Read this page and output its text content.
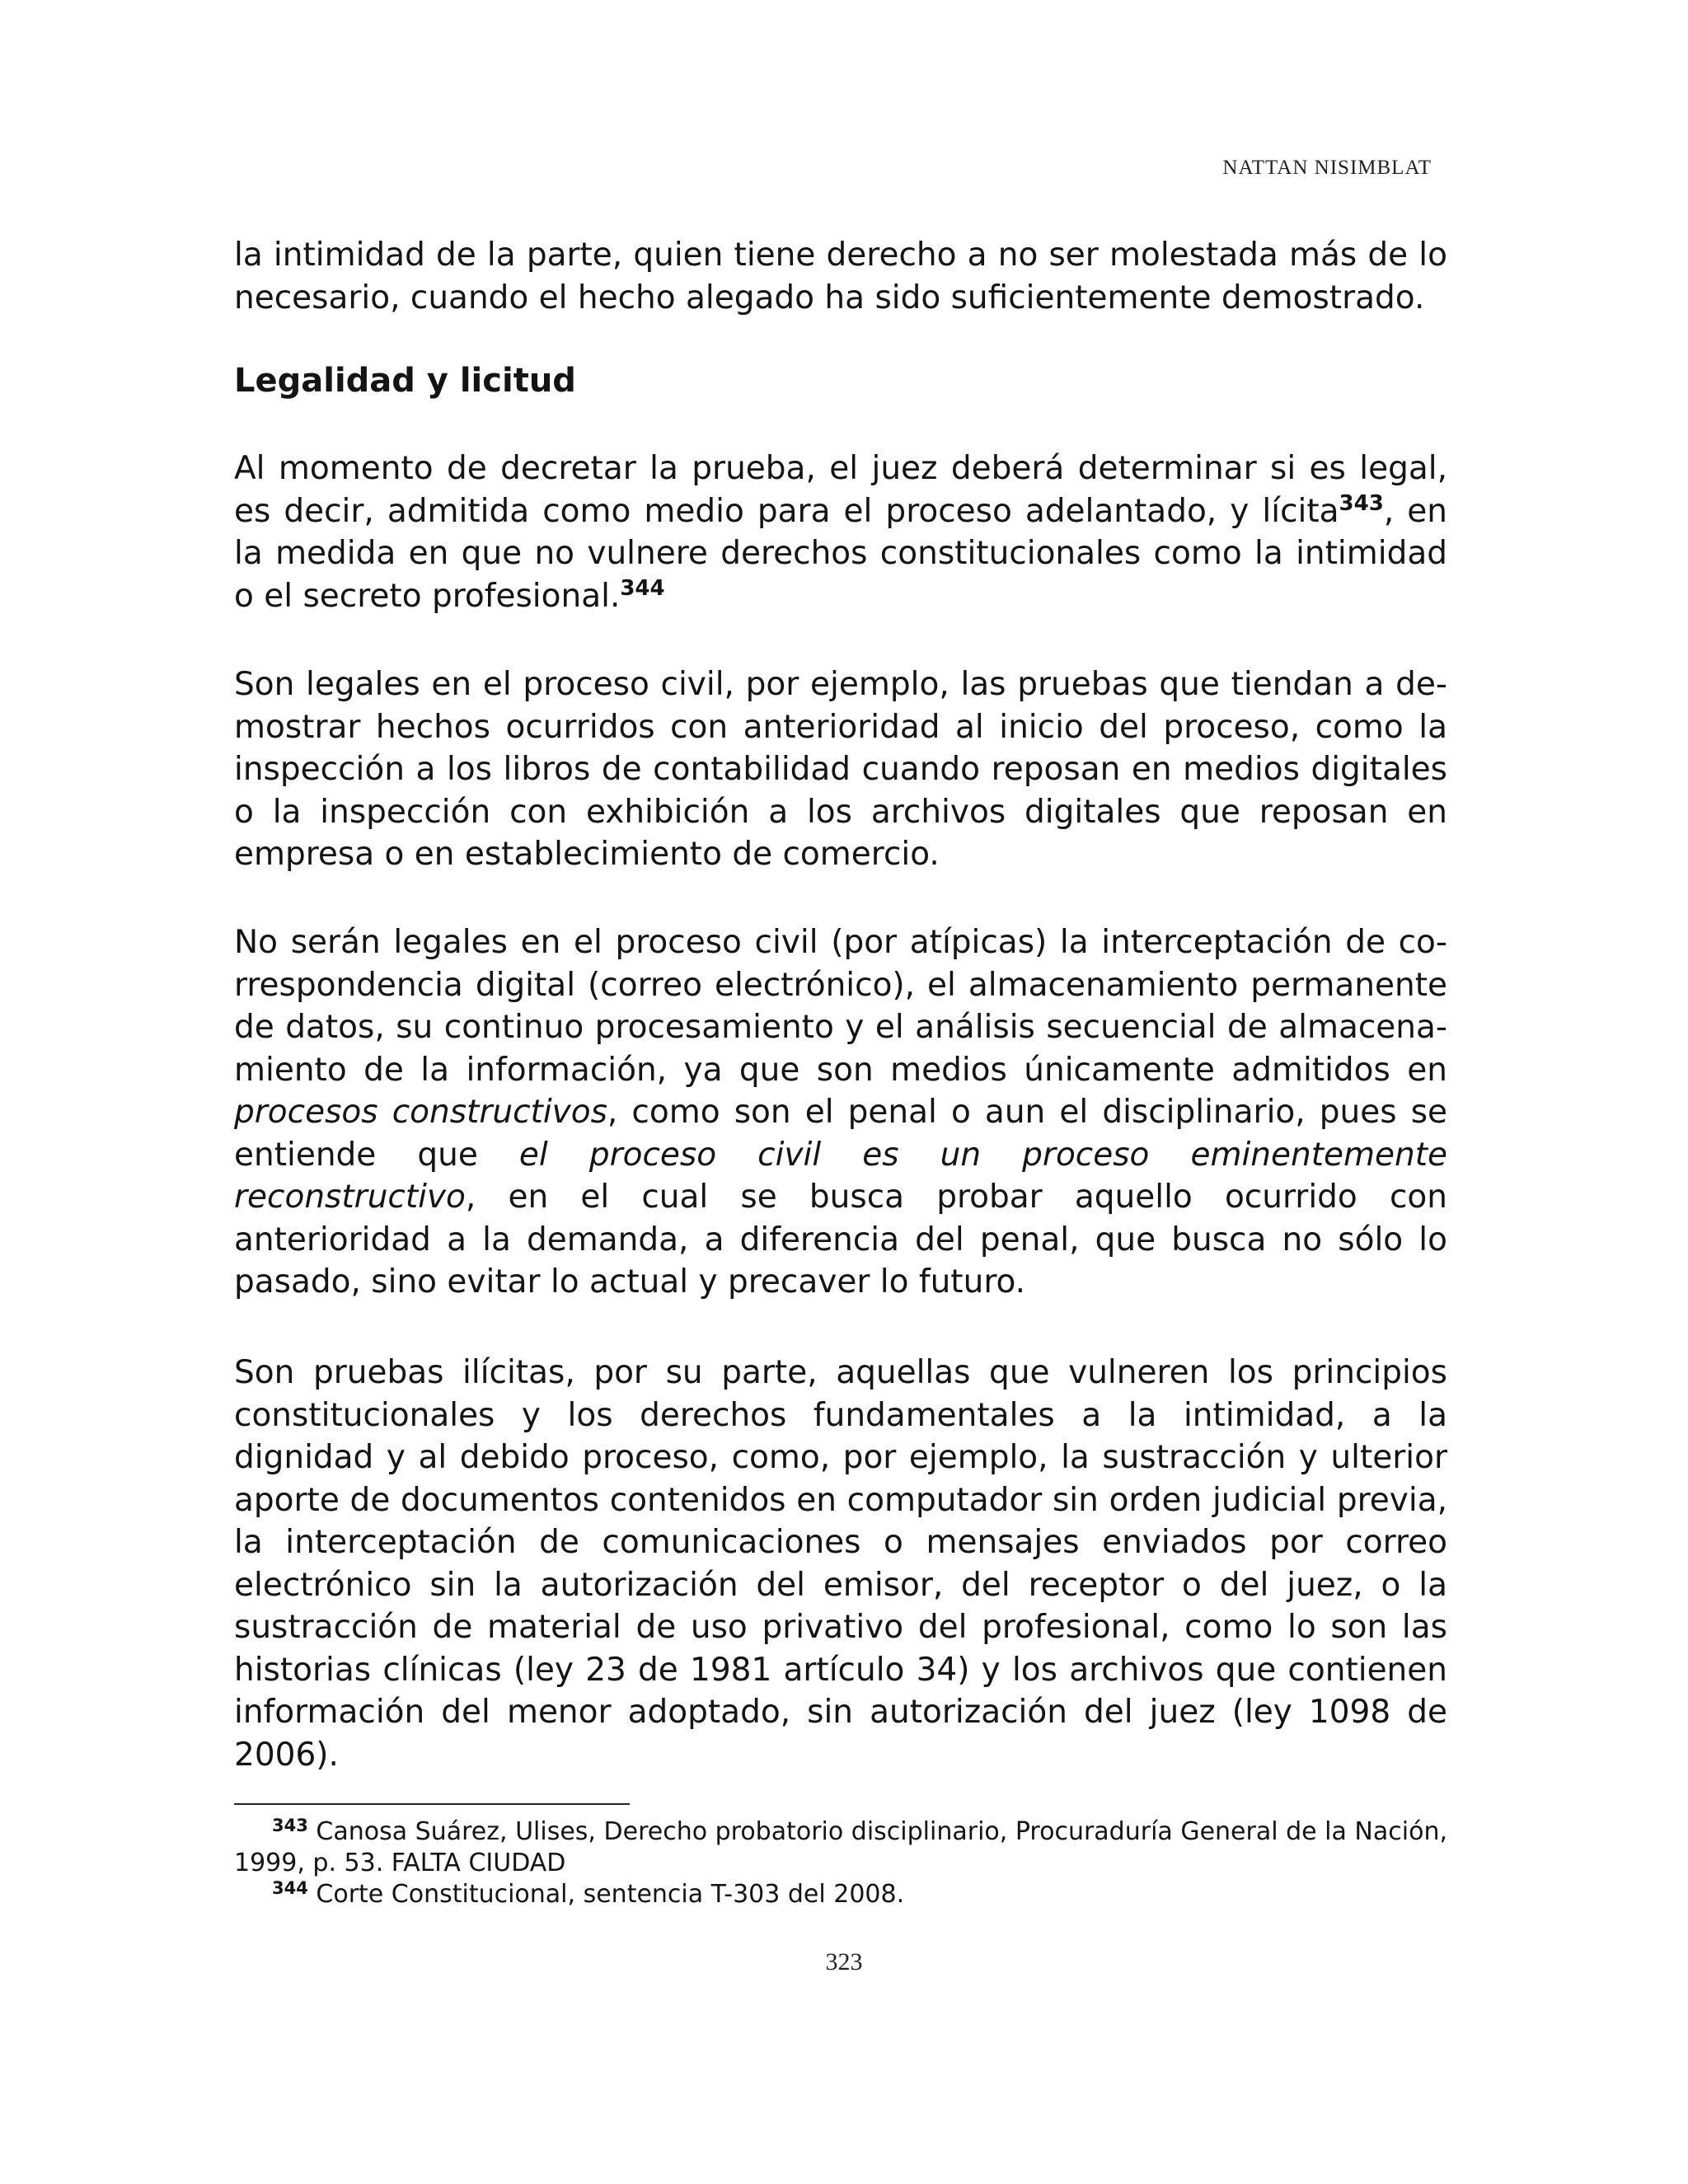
NATTAN NISIMBLAT

la intimidad de la parte, quien tiene derecho a no ser molestada más de lo necesario, cuando el hecho alegado ha sido suficientemente demostrado.

Legalidad y licitud

Al momento de decretar la prueba, el juez deberá determinar si es legal, es decir, admitida como medio para el proceso adelantado, y lícita$^{343}$, en la medida en que no vulnere derechos constitucionales como la intimidad o el secreto profesional.$^{344}$

Son legales en el proceso civil, por ejemplo, las pruebas que tiendan a demostrar hechos ocurridos con anterioridad al inicio del proceso, como la inspección a los libros de contabilidad cuando reposan en medios digitales o la inspección con exhibición a los archivos digitales que reposan en empresa o en establecimiento de comercio.

No serán legales en el proceso civil (por atípicas) la interceptación de correspondencia digital (correo electrónico), el almacenamiento permanente de datos, su continuo procesamiento y el análisis secuencial de almacenamiento de la información, ya que son medios únicamente admitidos en procesos constructivos, como son el penal o aun el disciplinario, pues se entiende que el proceso civil es un proceso eminentemente reconstructivo, en el cual se busca probar aquello ocurrido con anterioridad a la demanda, a diferencia del penal, que busca no sólo lo pasado, sino evitar lo actual y precaver lo futuro.

Son pruebas ilícitas, por su parte, aquellas que vulneren los principios constitucionales y los derechos fundamentales a la intimidad, a la dignidad y al debido proceso, como, por ejemplo, la sustracción y ulterior aporte de documentos contenidos en computador sin orden judicial previa, la interceptación de comunicaciones o mensajes enviados por correo electrónico sin la autorización del emisor, del receptor o del juez, o la sustracción de material de uso privativo del profesional, como lo son las historias clínicas (ley 23 de 1981 artículo 34) y los archivos que contienen información del menor adoptado, sin autorización del juez (ley 1098 de 2006).

$^{343}$ Canosa Suárez, Ulises, Derecho probatorio disciplinario, Procuraduría General de la Nación, 1999, p. 53. FALTA CIUDAD

$^{344}$ Corte Constitucional, sentencia T-303 del 2008.

323
